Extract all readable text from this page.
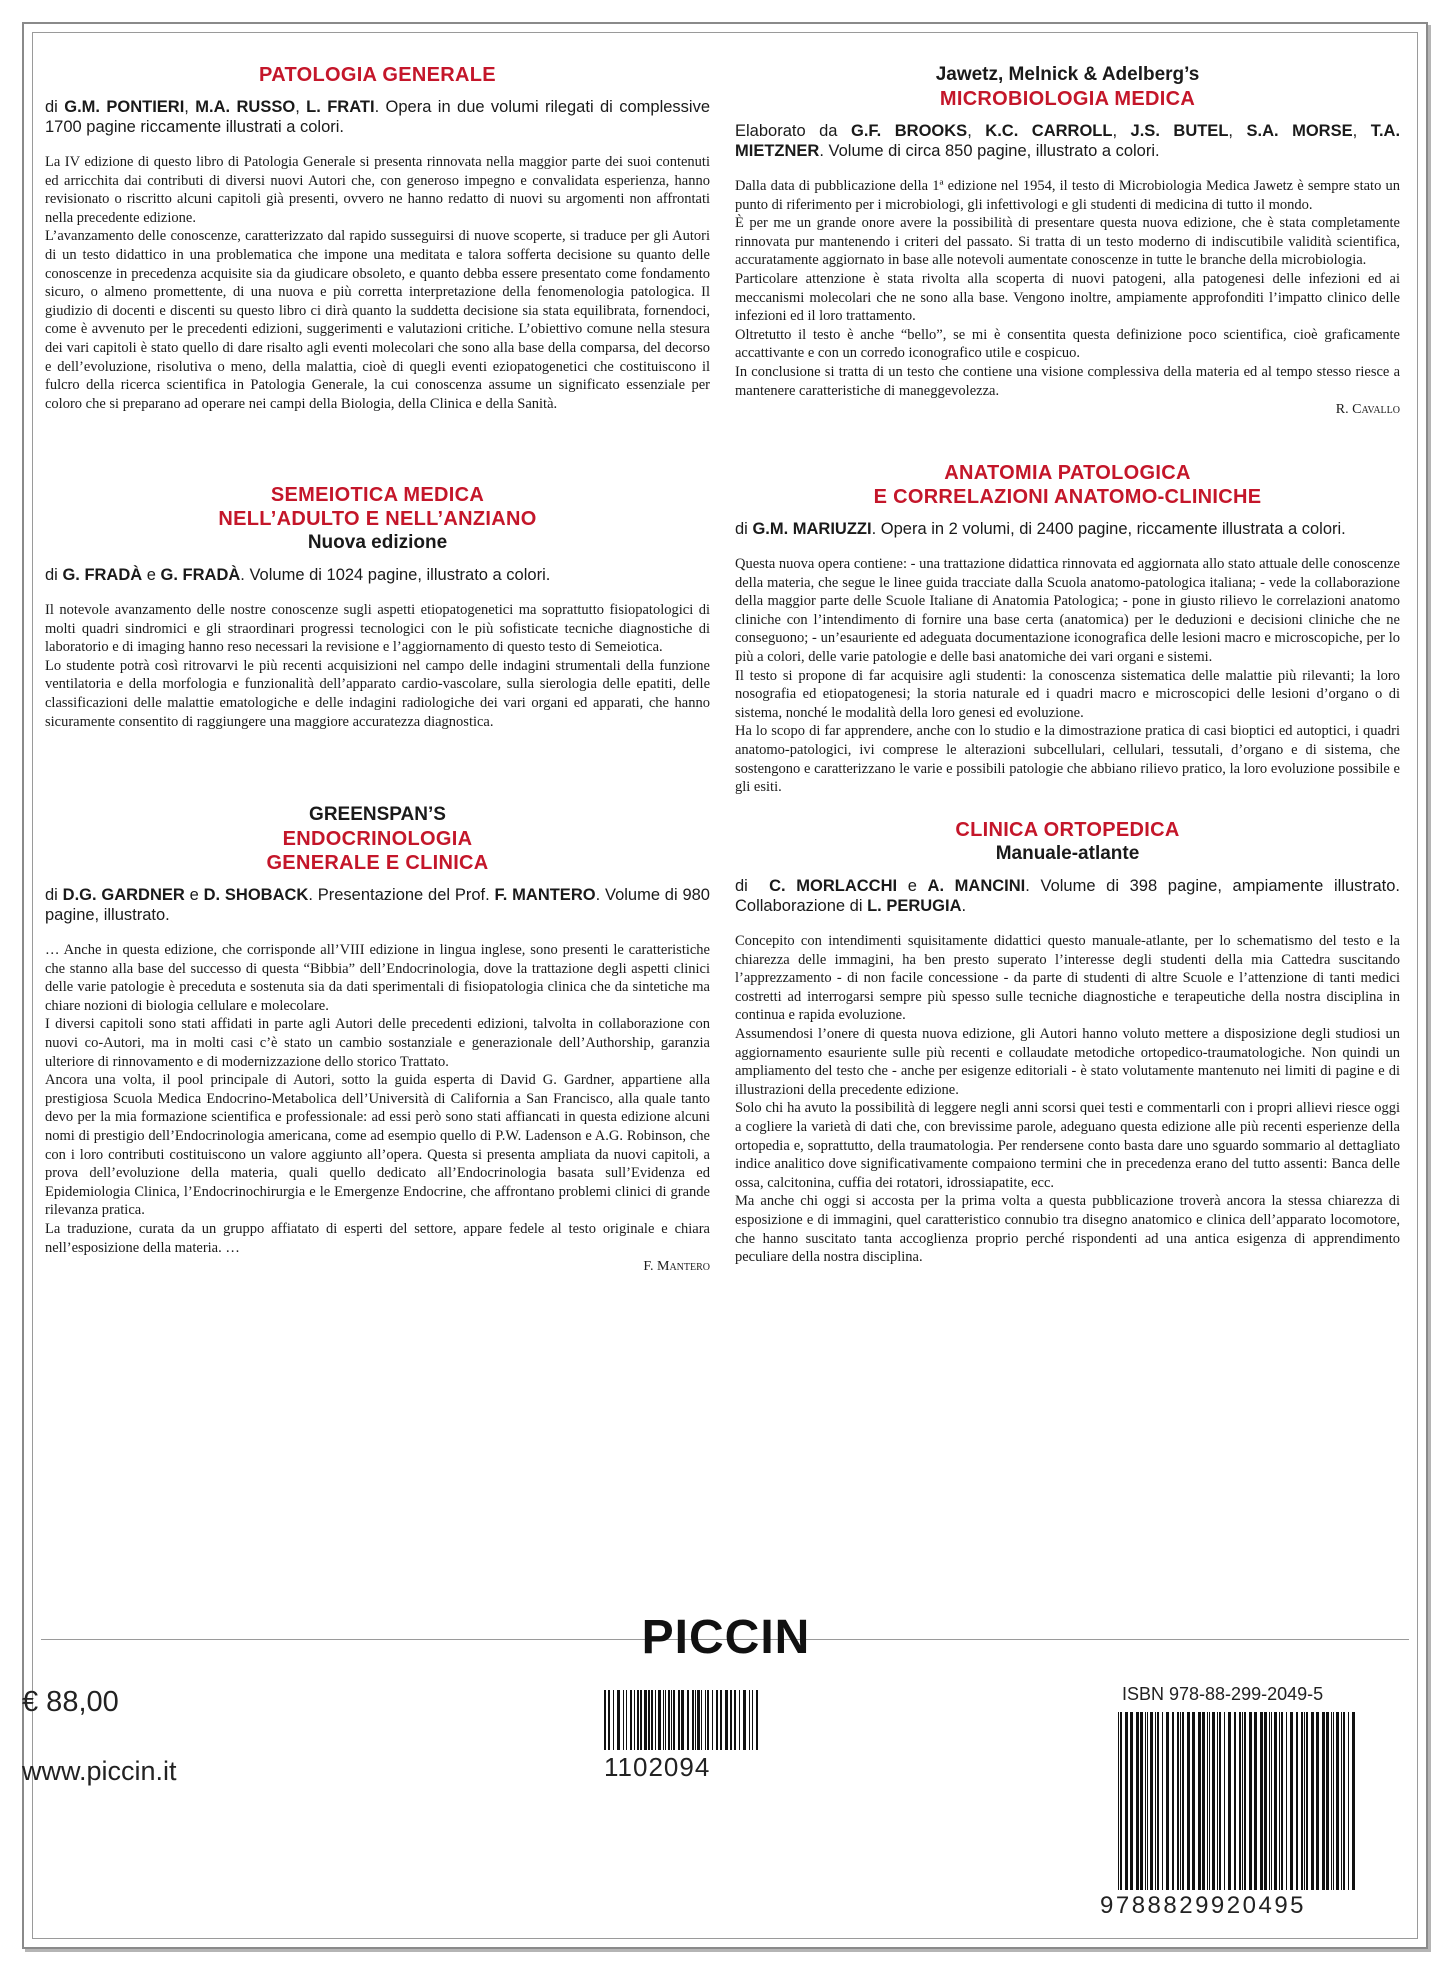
PATOLOGIA GENERALE
di G.M. PONTIERI, M.A. RUSSO, L. FRATI. Opera in due volumi rilegati di complessive 1700 pagine riccamente illustrati a colori.

La IV edizione di questo libro di Patologia Generale si presenta rinnovata nella maggior parte dei suoi contenuti ed arricchita dai contributi di diversi nuovi Autori che, con generoso impegno e convalidata esperienza, hanno revisionato o riscritto alcuni capitoli già presenti, ovvero ne hanno redatto di nuovi su argomenti non affrontati nella precedente edizione.

L’avanzamento delle conoscenze, caratterizzato dal rapido susseguirsi di nuove scoperte, si traduce per gli Autori di un testo didattico in una problematica che impone una meditata e talora sofferta decisione su quanto delle conoscenze in precedenza acquisite sia da giudicare obsoleto, e quanto debba essere presentato come fondamento sicuro, o almeno promettente, di una nuova e più corretta interpretazione della fenomenologia patologica. Il giudizio di docenti e discenti su questo libro ci dirà quanto la suddetta decisione sia stata equilibrata, fornendoci, come è avvenuto per le precedenti edizioni, suggerimenti e valutazioni critiche. L’obiettivo comune nella stesura dei vari capitoli è stato quello di dare risalto agli eventi molecolari che sono alla base della comparsa, del decorso e dell’evoluzione, risolutiva o meno, della malattia, cioè di quegli eventi eziopatogenetici che costituiscono il fulcro della ricerca scientifica in Patologia Generale, la cui conoscenza assume un significato essenziale per coloro che si preparano ad operare nei campi della Biologia, della Clinica e della Sanità.

SEMEIOTICA MEDICA
NELL’ADULTO E NELL’ANZIANO
Nuova edizione
di G. FRADÀ e G. FRADÀ. Volume di 1024 pagine, illustrato a colori.

Il notevole avanzamento delle nostre conoscenze sugli aspetti etiopatogenetici ma soprattutto fisiopatologici di molti quadri sindromici e gli straordinari progressi tecnologici con le più sofisticate tecniche diagnostiche di laboratorio e di imaging hanno reso necessari la revisione e l’aggiornamento di questo testo di Semeiotica.

Lo studente potrà così ritrovarvi le più recenti acquisizioni nel campo delle indagini strumentali della funzione ventilatoria e della morfologia e funzionalità dell’apparato cardio-vascolare, sulla sierologia delle epatiti, delle classificazioni delle malattie ematologiche e delle indagini radiologiche dei vari organi ed apparati, che hanno sicuramente consentito di raggiungere una maggiore accuratezza diagnostica.

GREENSPAN’S
ENDOCRINOLOGIA
GENERALE E CLINICA
di D.G. GARDNER e D. SHOBACK. Presentazione del Prof. F. MANTERO. Volume di 980 pagine, illustrato.

… Anche in questa edizione, che corrisponde all’VIII edizione in lingua inglese, sono presenti le caratteristiche che stanno alla base del successo di questa “Bibbia” dell’Endocrinologia, dove la trattazione degli aspetti clinici delle varie patologie è preceduta e sostenuta sia da dati sperimentali di fisiopatologia clinica che da sintetiche ma chiare nozioni di biologia cellulare e molecolare.

I diversi capitoli sono stati affidati in parte agli Autori delle precedenti edizioni, talvolta in collaborazione con nuovi co-Autori, ma in molti casi c’è stato un cambio sostanziale e generazionale dell’Authorship, garanzia ulteriore di rinnovamento e di modernizzazione dello storico Trattato.

Ancora una volta, il pool principale di Autori, sotto la guida esperta di David G. Gardner, appartiene alla prestigiosa Scuola Medica Endocrino-Metabolica dell’Università di California a San Francisco, alla quale tanto devo per la mia formazione scientifica e professionale: ad essi però sono stati affiancati in questa edizione alcuni nomi di prestigio dell’Endocrinologia americana, come ad esempio quello di P.W. Ladenson e A.G. Robinson, che con i loro contributi costituiscono un valore aggiunto all’opera. Questa si presenta ampliata da nuovi capitoli, a prova dell’evoluzione della materia, quali quello dedicato all’Endocrinologia basata sull’Evidenza ed Epidemiologia Clinica, l’Endocrinochirurgia e le Emergenze Endocrine, che affrontano problemi clinici di grande rilevanza pratica.

La traduzione, curata da un gruppo affiatato di esperti del settore, appare fedele al testo originale e chiara nell’esposizione della materia. …

F. Mantero
Jawetz, Melnick & Adelberg’s
MICROBIOLOGIA MEDICA
Elaborato da G.F. BROOKS, K.C. CARROLL, J.S. BUTEL, S.A. MORSE, T.A. MIETZNER. Volume di circa 850 pagine, illustrato a colori.

Dalla data di pubblicazione della 1ª edizione nel 1954, il testo di Microbiologia Medica Jawetz è sempre stato un punto di riferimento per i microbiologi, gli infettivologi e gli studenti di medicina di tutto il mondo.

È per me un grande onore avere la possibilità di presentare questa nuova edizione, che è stata completamente rinnovata pur mantenendo i criteri del passato. Si tratta di un testo moderno di indiscutibile validità scientifica, accuratamente aggiornato in base alle notevoli aumentate conoscenze in tutte le branche della microbiologia.

Particolare attenzione è stata rivolta alla scoperta di nuovi patogeni, alla patogenesi delle infezioni ed ai meccanismi molecolari che ne sono alla base. Vengono inoltre, ampiamente approfonditi l’impatto clinico delle infezioni ed il loro trattamento.

Oltretutto il testo è anche “bello”, se mi è consentita questa definizione poco scientifica, cioè graficamente accattivante e con un corredo iconografico utile e cospicuo.

In conclusione si tratta di un testo che contiene una visione complessiva della materia ed al tempo stesso riesce a mantenere caratteristiche di maneggevolezza.

R. Cavallo
ANATOMIA PATOLOGICA
E CORRELAZIONI ANATOMO-CLINICHE
di G.M. MARIUZZI. Opera in 2 volumi, di 2400 pagine, riccamente illustrata a colori.

Questa nuova opera contiene: - una trattazione didattica rinnovata ed aggiornata allo stato attuale delle conoscenze della materia, che segue le linee guida tracciate dalla Scuola anatomo-patologica italiana; - vede la collaborazione della maggior parte delle Scuole Italiane di Anatomia Patologica; - pone in giusto rilievo le correlazioni anatomo cliniche con l’intendimento di fornire una base certa (anatomica) per le deduzioni e decisioni cliniche che ne conseguono; - un’esauriente ed adeguata documentazione iconografica delle lesioni macro e microscopiche, per lo più a colori, delle varie patologie e delle basi anatomiche dei vari organi e sistemi.

Il testo si propone di far acquisire agli studenti: la conoscenza sistematica delle malattie più rilevanti; la loro nosografia ed etiopatogenesi; la storia naturale ed i quadri macro e microscopici delle lesioni d’organo o di sistema, nonché le modalità della loro genesi ed evoluzione.

Ha lo scopo di far apprendere, anche con lo studio e la dimostrazione pratica di casi bioptici ed autoptici, i quadri anatomo-patologici, ivi comprese le alterazioni subcellulari, cellulari, tessutali, d’organo e di sistema, che sostengono e caratterizzano le varie e possibili patologie che abbiano rilievo pratico, la loro evoluzione possibile e gli esiti.

CLINICA ORTOPEDICA
Manuale-atlante
di  C. MORLACCHI e A. MANCINI. Volume di 398 pagine, ampiamente illustrato. Collaborazione di L. PERUGIA.

Concepito con intendimenti squisitamente didattici questo manuale-atlante, per lo schematismo del testo e la chiarezza delle immagini, ha ben presto superato l’interesse degli studenti della mia Cattedra suscitando l’apprezzamento - di non facile concessione - da parte di studenti di altre Scuole e l’attenzione di tanti medici costretti ad interrogarsi sempre più spesso sulle tecniche diagnostiche e terapeutiche della nostra disciplina in continua e rapida evoluzione.

Assumendosi l’onere di questa nuova edizione, gli Autori hanno voluto mettere a disposizione degli studiosi un aggiornamento esauriente sulle più recenti e collaudate metodiche ortopedico-traumatologiche. Non quindi un ampliamento del testo che - anche per esigenze editoriali - è stato volutamente mantenuto nei limiti di pagine e di illustrazioni della precedente edizione.

Solo chi ha avuto la possibilità di leggere negli anni scorsi quei testi e commentarli con i propri allievi riesce oggi a cogliere la varietà di dati che, con brevissime parole, adeguano questa edizione alle più recenti esperienze della ortopedia e, soprattutto, della traumatologia. Per rendersene conto basta dare uno sguardo sommario al dettagliato indice analitico dove significativamente compaiono termini che in precedenza erano del tutto assenti: Banca delle ossa, calcitonina, cuffia dei rotatori, idrossiapatite, ecc.

Ma anche chi oggi si accosta per la prima volta a questa pubblicazione troverà ancora la stessa chiarezza di esposizione e di immagini, quel caratteristico connubio tra disegno anatomico e clinica dell’apparato locomotore, che hanno suscitato tanta accoglienza proprio perché rispondenti ad una antica esigenza di apprendimento peculiare della nostra disciplina.

PICCIN
€ 88,00
www.piccin.it	1102094
ISBN 978-88-299-2049-5
9788829920495
